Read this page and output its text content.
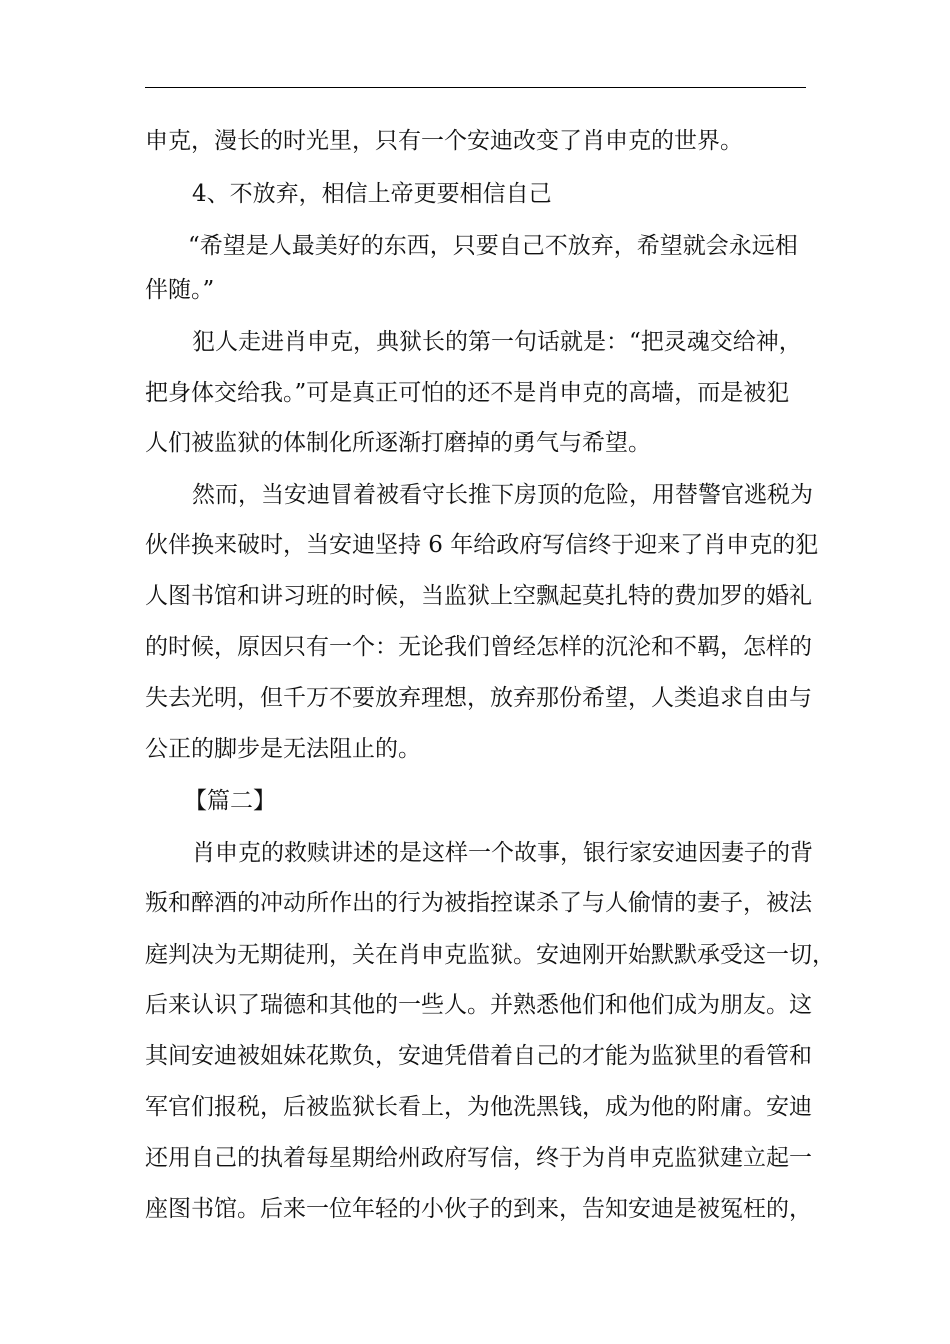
申克，漫长的时光里，只有一个安迪改变了肖申克的世界。
4、不放弃，相信上帝更要相信自己
“希望是人最美好的东西，只要自己不放弃，希望就会永远相
伴随。”
犯人走进肖申克，典狱长的第一句话就是：“把灵魂交给神，
把身体交给我。”可是真正可怕的还不是肖申克的高墙，而是被犯
人们被监狱的体制化所逐渐打磨掉的勇气与希望。
然而，当安迪冒着被看守长推下房顶的危险，用替警官逃税为
伙伴换来破时，当安迪坚持 6 年给政府写信终于迎来了肖申克的犯
人图书馆和讲习班的时候，当监狱上空飘起莫扎特的费加罗的婚礼
的时候，原因只有一个：无论我们曾经怎样的沉沦和不羁，怎样的
失去光明，但千万不要放弃理想，放弃那份希望，人类追求自由与
公正的脚步是无法阻止的。
【篇二】
肖申克的救赎讲述的是这样一个故事，银行家安迪因妻子的背
叛和醉酒的冲动所作出的行为被指控谋杀了与人偷情的妻子，被法
庭判决为无期徒刑，关在肖申克监狱。安迪刚开始默默承受这一切，
后来认识了瑞德和其他的一些人。并熟悉他们和他们成为朋友。这
其间安迪被姐妹花欺负，安迪凭借着自己的才能为监狱里的看管和
军官们报税，后被监狱长看上，为他洗黑钱，成为他的附庸。安迪
还用自己的执着每星期给州政府写信，终于为肖申克监狱建立起一
座图书馆。后来一位年轻的小伙子的到来，告知安迪是被冤枉的，
